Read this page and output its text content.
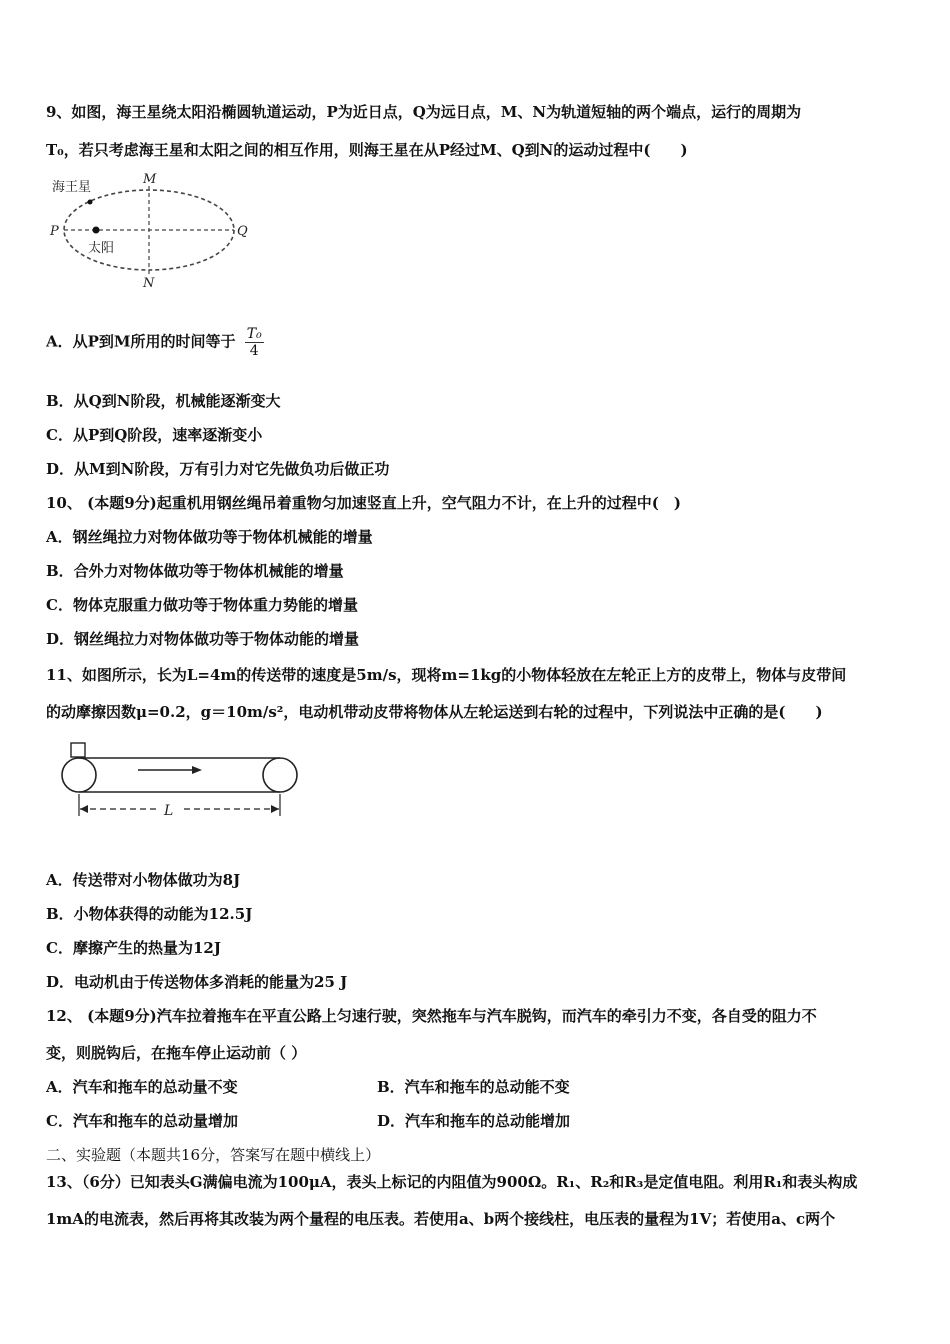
9、如图，海王星绕太阳沿椭圆轨道运动，P为近日点，Q为远日点，M、N为轨道短轴的两个端点，运行的周期为
T₀，若只考虑海王星和太阳之间的相互作用，则海王星在从P经过M、Q到N的运动过程中(　　)
海王星
太阳
P	Q
M
N
A．从P到M所用的时间等于 $\frac{\text{T₀}}{4}$
B．从Q到N阶段，机械能逐渐变大
C．从P到Q阶段，速率逐渐变小
D．从M到N阶段，万有引力对它先做负功后做正功
10、 (本题9分)起重机用钢丝绳吊着重物匀加速竖直上升，空气阻力不计，在上升的过程中(　)
A．钢丝绳拉力对物体做功等于物体机械能的增量
B．合外力对物体做功等于物体机械能的增量
C．物体克服重力做功等于物体重力势能的增量
D．钢丝绳拉力对物体做功等于物体动能的增量
11、如图所示，长为L=4m的传送带的速度是5m/s，现将m=1kg的小物体轻放在左轮正上方的皮带上，物体与皮带间
的动摩擦因数μ=0.2，g＝10m/s²，电动机带动皮带将物体从左轮运送到右轮的过程中，下列说法中正确的是(　　)
L
A．传送带对小物体做功为8J
B．小物体获得的动能为12.5J
C．摩擦产生的热量为12J
D．电动机由于传送物体多消耗的能量为25 J
12、 (本题9分)汽车拉着拖车在平直公路上匀速行驶，突然拖车与汽车脱钩，而汽车的牵引力不变，各自受的阻力不
变，则脱钩后，在拖车停止运动前（ ）
A．汽车和拖车的总动量不变	B．汽车和拖车的总动能不变
C．汽车和拖车的总动量增加	D．汽车和拖车的总动能增加
二、实验题（本题共16分，答案写在题中横线上）
13、（6分）已知表头G满偏电流为100μA，表头上标记的内阻值为900Ω。R₁、R₂和R₃是定值电阻。利用R₁和表头构成
1mA的电流表，然后再将其改装为两个量程的电压表。若使用a、b两个接线柱，电压表的量程为1V；若使用a、c两个
